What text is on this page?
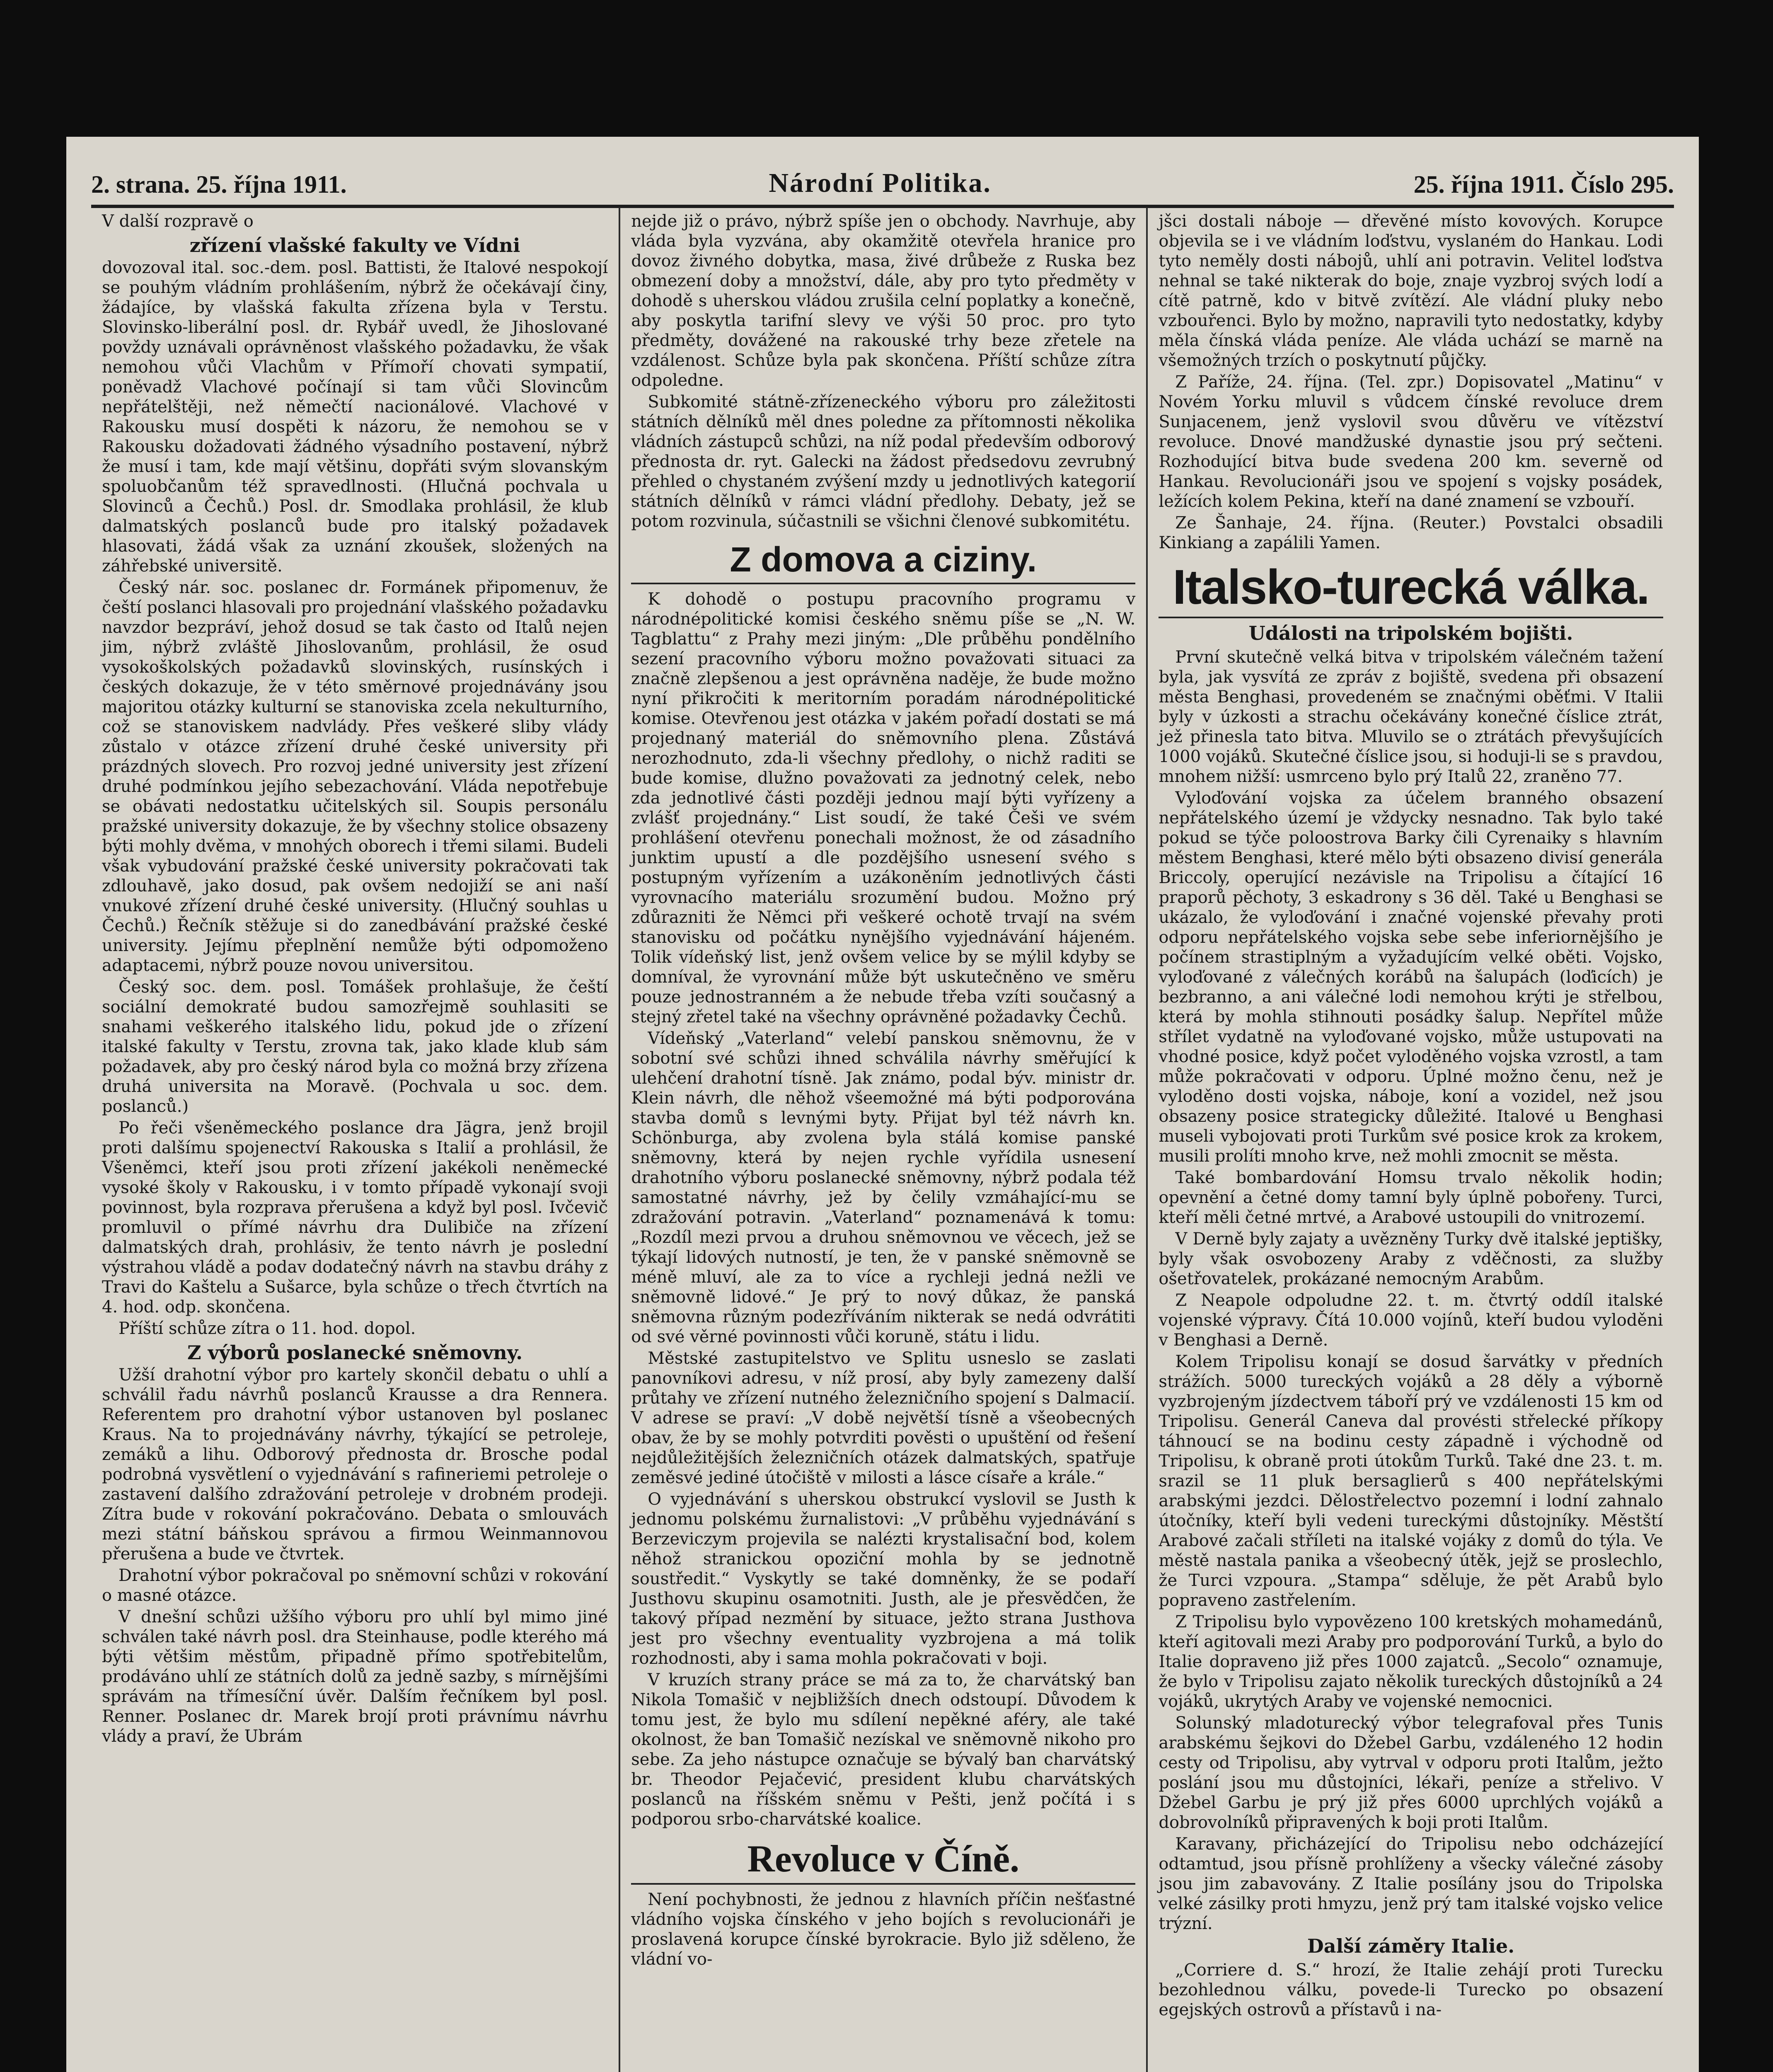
2. strana. 25. října 1911.	Národní Politika.	25. října 1911. Číslo 295.

V další rozpravě o

zřízení vlašské fakulty ve Vídni

dovozoval ital. soc.-dem. posl. Battisti, že Italové nespokojí se pouhým vládním prohlášením, nýbrž že očekávají činy, žádajíce, by vlašská fakulta zřízena byla v Terstu. Slovinsko-liberální posl. dr. Rybář uvedl, že Jihoslované povždy uznávali oprávněnost vlašského požadavku, že však nemohou vůči Vlachům v Přímoří chovati sympatií, poněvadž Vlachové počínají si tam vůči Slovincům nepřátelštěji, než němečtí nacionálové. Vlachové v Rakousku musí dospěti k názoru, že nemohou se v Rakousku dožadovati žádného výsadního postavení, nýbrž že musí i tam, kde mají většinu, dopřáti svým slovanským spoluobčanům též spravedlnosti. (Hlučná pochvala u Slovinců a Čechů.) Posl. dr. Smodlaka prohlásil, že klub dalmatských poslanců bude pro italský požadavek hlasovati, žádá však za uznání zkoušek, složených na záhřebské universitě.

Český nár. soc. poslanec dr. Formánek připomenuv, že čeští poslanci hlasovali pro projednání vlašského požadavku navzdor bezpráví, jehož dosud se tak často od Italů nejen jim, nýbrž zvláště Jihoslovanům, prohlásil, že osud vysokoškolských požadavků slovinských, rusínských i českých dokazuje, že v této směrnové projednávány jsou majoritou otázky kulturní se stanoviska zcela nekulturního, což se stanoviskem nadvlády. Přes veškeré sliby vlády zůstalo v otázce zřízení druhé české university při prázdných slovech. Pro rozvoj jedné university jest zřízení druhé podmínkou jejího sebezachování. Vláda nepotřebuje se obávati nedostatku učitelských sil. Soupis personálu pražské university dokazuje, že by všechny stolice obsazeny býti mohly dvěma, v mnohých oborech i třemi silami. Budeli však vybudování pražské české university pokračovati tak zdlouhavě, jako dosud, pak ovšem nedojiží se ani naší vnukové zřízení druhé české university. (Hlučný souhlas u Čechů.) Řečník stěžuje si do zanedbávání pražské české university. Jejímu přeplnění nemůže býti odpomoženo adaptacemi, nýbrž pouze novou universitou.

Český soc. dem. posl. Tomášek prohlašuje, že čeští sociální demokraté budou samozřejmě souhlasiti se snahami veškerého italského lidu, pokud jde o zřízení italské fakulty v Terstu, zrovna tak, jako klade klub sám požadavek, aby pro český národ byla co možná brzy zřízena druhá universita na Moravě. (Pochvala u soc. dem. poslanců.)

Po řeči všeněmeckého poslance dra Jägra, jenž brojil proti dalšímu spojenectví Rakouska s Italií a prohlásil, že Všeněmci, kteří jsou proti zřízení jakékoli neněmecké vysoké školy v Rakousku, i v tomto případě vykonají svoji povinnost, byla rozprava přerušena a když byl posl. Ivčevič promluvil o přímé návrhu dra Dulibiče na zřízení dalmatských drah, prohlásiv, že tento návrh je poslední výstrahou vládě a podav dodatečný návrh na stavbu dráhy z Travi do Kaštelu a Sušarce, byla schůze o třech čtvrtích na 4. hod. odp. skončena.

Příští schůze zítra o 11. hod. dopol.

Z výborů poslanecké sněmovny.

Užší drahotní výbor pro kartely skončil debatu o uhlí a schválil řadu návrhů poslanců Krausse a dra Rennera. Referentem pro drahotní výbor ustanoven byl poslanec Kraus. Na to projednávány návrhy, týkající se petrolejе, zemáků a lihu. Odborový přednosta dr. Brosche podal podrobná vysvětlení o vyjednávání s rafineriemi petroleje o zastavení dalšího zdražování petroleje v drobném prodeji. Zítra bude v rokování pokračováno. Debata o smlouvách mezi státní báňskou správou a firmou Weinmannovou přerušena a bude ve čtvrtek.

Drahotní výbor pokračoval po sněmovní schůzi v rokování o masné otázce.

V dnešní schůzi užšího výboru pro uhlí byl mimo jiné schválen také návrh posl. dra Steinhause, podle kterého má býti většim městům, připadně přímo spotřebitelům, prodáváno uhlí ze státních dolů za jedně sazby, s mírnějšími správám na třímesíční úvěr. Dalším řečníkem byl posl. Renner. Poslanec dr. Marek brojí proti právnímu návrhu vlády a praví, že Ubrám

nejde již o právo, nýbrž spíše jen o obchody. Navrhuje, aby vláda byla vyzvána, aby okamžitě otevřela hranice pro dovoz živného dobytka, masa, živé drůbeže z Ruska bez obmezení doby a množství, dále, aby pro tyto předměty v dohodě s uherskou vládou zrušila celní poplatky a konečně, aby poskytla tarifní slevy ve výši 50 proc. pro tyto předměty, dovážené na rakouské trhy beze zřetele na vzdálenost. Schůze byla pak skončena. Příští schůze zítra odpoledne.

Subkomité státně-zřízeneckého výboru pro záležitosti státních dělníků měl dnes poledne za přítomnosti několika vládních zástupců schůzi, na níž podal především odborový přednosta dr. ryt. Galecki na žádost předsedovu zevrubný přehled o chystaném zvýšení mzdy u jednotlivých kategorií státních dělníků v rámci vládní předlohy. Debaty, jež se potom rozvinula, súčastnili se všichni členové subkomitétu.

Z domova a ciziny.

K dohodě o postupu pracovního programu v národnépolitické komisi českého sněmu píše se „N. W. Tagblattu“ z Prahy mezi jiným: „Dle průběhu pondělního sezení pracovního výboru možno považovati situaci za značně zlepšenou a jest oprávněna naděje, že bude možno nyní přikročiti k meritorním poradám národnépolitické komise. Otevřenou jest otázka v jakém pořadí dostati se má projednaný materiál do sněmovního plena. Zůstává nerozhodnuto, zda-li všechny předlohy, o nichž raditi se bude komise, dlužno považovati za jednotný celek, nebo zda jednotlivé části později jednou mají býti vyřízeny a zvlášť projednány.“ List soudí, že také Češi ve svém prohlášení otevřenu ponechali možnost, že od zásadního junktim upustí a dle pozdějšího usnesení svého s postupným vyřízením a uzákoněním jednotlivých části vyrovnacího materiálu srozumění budou. Možno prý zdůrazniti že Němci při veškeré ochotě trvají na svém stanovisku od počátku nynějšího vyjednávání hájeném. Tolik vídeňský list, jenž ovšem velice by se mýlil kdyby se domníval, že vyrovnání může být uskutečněno ve směru pouze jednostranném a že nebude třeba vzíti současný a stejný zřetel také na všechny oprávněné požadavky Čechů.

Vídeňský „Vaterland“ velebí panskou sněmovnu, že v sobotní své schůzi ihned schválila návrhy směřující k ulehčení drahotní tísně. Jak známo, podal býv. ministr dr. Klein návrh, dle něhož všeemožné má býti podporována stavba domů s levnými byty. Přijat byl též návrh kn. Schönburga, aby zvolena byla stálá komise panské sněmovny, která by nejen rychle vyřídila usnesení drahotního výboru poslanecké sněmovny, nýbrž podala též samostatné návrhy, jež by čelily vzmáhající-mu se zdražování potravin. „Vaterland“ poznamenává k tomu: „Rozdíl mezi prvou a druhou sněmovnou ve věcech, jež se týkají lidových nutností, je ten, že v panské sněmovně se méně mluví, ale za to více a rychleji jedná nežli ve sněmovně lidové.“ Je prý to nový důkaz, že panská sněmovna různým podezříváním nikterak se nedá odvrátiti od své věrné povinnosti vůči koruně, státu i lidu.

Městské zastupitelstvo ve Splitu usneslo se zaslati panovníkovi adresu, v níž prosí, aby byly zamezeny další průtahy ve zřízení nutného železničního spojení s Dalmacií. V adrese se praví: „V době největší tísně a všeobecných obav, že by se mohly potvrditi pověsti o upuštění od řešení nejdůležitějších železničních otázek dalmatských, spatřuje zeměsvé jediné útočiště v milosti a lásce císaře a krále.“

O vyjednávání s uherskou obstrukcí vyslovil se Justh k jednomu polskému žurnalistovi: „V průběhu vyjednávání s Berzeviczym projevila se nalézti krystalisační bod, kolem něhož stranickou opoziční mohla by se jednotně soustředit.“ Vyskytly se také domněnky, že se podaří Justhovu skupinu osamotniti. Justh, ale je přesvědčen, že takový případ nezmění by situace, ježto strana Justhova jest pro všechny eventuality vyzbrojena a má tolik rozhodnosti, aby i sama mohla pokračovati v boji.

V kruzích strany práce se má za to, že charvátský ban Nikola Tomašič v nejbližších dnech odstoupí. Důvodem k tomu jest, že bylo mu sdílení nepěkné aféry, ale také okolnost, že ban Tomašič nezískal ve sněmovně nikoho pro sebe. Za jeho nástupce označuje se bývalý ban charvátský br. Theodor Pejačević, president klubu charvátských poslanců na říšském sněmu v Pešti, jenž počítá i s podporou srbo-charvátské koalice.

Revoluce v Číně.

Není pochybnosti, že jednou z hlavních příčin nešťastné vládního vojska čínského v jeho bojích s revolucionáři je proslavená korupce čínské byrokracie. Bylo již sděleno, že vládní vo-

jšci dostali náboje — dřevěné místo kovových. Korupce objevila se i ve vládním loďstvu, vyslaném do Hankau. Lodi tyto neměly dosti nábojů, uhlí ani potravin. Velitel loďstva nehnal se také nikterak do boje, znaje vyzbroj svých lodí a cítě patrně, kdo v bitvě zvítězí. Ale vládní pluky nebo vzbouřenci. Bylo by možno, napravili tyto nedostatky, kdyby měla čínská vláda peníze. Ale vláda uchází se marně na všemožných trzích o poskytnutí půjčky.

Z Paříže, 24. října. (Tel. zpr.) Dopisovatel „Matinu“ v Novém Yorku mluvil s vůdcem čínské revoluce drem Sunjacenem, jenž vyslovil svou důvěru ve vítězství revoluce. Dnové mandžuské dynastie jsou prý sečteni. Rozhodující bitva bude svedena 200 km. severně od Hankau. Revolucionáři jsou ve spojení s vojsky posádek, ležících kolem Pekina, kteří na dané znamení se vzbouří.

Ze Šanhaje, 24. října. (Reuter.) Povstalci obsadili Kinkiang a zapálili Yamen.

Italsko-turecká válka.
Události na tripolském bojišti.

První skutečně velká bitva v tripolském válečném tažení byla, jak vysvítá ze zpráv z bojiště, svedena při obsazení města Benghasi, provedeném se značnými oběťmi. V Italii byly v úzkosti a strachu očekávány konečné číslice ztrát, jež přinesla tato bitva. Mluvilo se o ztrátách převyšujících 1000 vojáků. Skutečné číslice jsou, si hoduji-li se s pravdou, mnohem nižší: usmrceno bylo prý Italů 22, zraněno 77.

Vyloďování vojska za účelem branného obsazení nepřátelského území je vždycky nesnadno. Tak bylo také pokud se týče poloostrova Barky čili Cyrenaiky s hlavním městem Benghasi, které mělo býti obsazeno divisí generála Briccoly, operující nezávisle na Tripolisu a čítající 16 praporů pěchoty, 3 eskadrony s 36 děl. Také u Benghasi se ukázalo, že vyloďování i značné vojenské převahy proti odporu nepřátelského vojska sebe sebe inferiornějšího je počínem strastiplným a vyžadujícím velké oběti. Vojsko, vyloďované z válečných korábů na šalupách (loďicích) je bezbranno, a ani válečné lodi nemohou krýti je střelbou, která by mohla stihnouti posádky šalup. Nepřítel může střílet vydatně na vyloďované vojsko, může ustupovati na vhodné posice, když počet vyloděného vojska vzrostl, a tam může pokračovati v odporu. Úplné možno čenu, než je vyloděno dosti vojska, náboje, koní a vozidel, než jsou obsazeny posice strategicky důležité. Italové u Benghasi museli vybojovati proti Turkům své posice krok za krokem, musili prolíti mnoho krve, než mohli zmocnit se města.

Také bombardování Homsu trvalo několik hodin; opevnění a četné domy tamní byly úplně pobořeny. Turci, kteří měli četné mrtvé, a Arabové ustoupili do vnitrozemí.

V Derně byly zajaty a uvězněny Turky dvě italské jeptišky, byly však osvobozeny Araby z vděčnosti, za služby ošetřovatelek, prokázané nemocným Arabům.

Z Neapole odpoludne 22. t. m. čtvrtý oddíl italské vojenské výpravy. Čítá 10.000 vojínů, kteří budou vyloděni v Benghasi a Derně.

Kolem Tripolisu konají se dosud šarvátky v předních strážích. 5000 tureckých vojáků a 28 děly a výborně vyzbrojeným jízdectvem táboří prý ve vzdálenosti 15 km od Tripolisu. Generál Caneva dal provésti střelecké příkopy táhnoucí se na bodinu cesty západně i východně od Tripolisu, k obraně proti útokům Turků. Také dne 23. t. m. srazil se 11 pluk bersaglierů s 400 nepřátelskými arabskými jezdci. Dělostřelectvo pozemní i lodní zahnalo útočníky, kteří byli vedeni tureckými důstojníky. Městští Arabové začali stříleti na italské vojáky z domů do týla. Ve městě nastala panika a všeobecný útěk, jejž se proslechlo, že Turci vzpoura. „Stampa“ sděluje, že pět Arabů bylo popraveno zastřelením.

Z Tripolisu bylo vypovězeno 100 kretských mohamedánů, kteří agitovali mezi Araby pro podporování Turků, a bylo do Italie dopraveno již přes 1000 zajatců. „Secolo“ oznamuje, že bylo v Tripolisu zajato několik tureckých důstojníků a 24 vojáků, ukrytých Araby ve vojenské nemocnici.

Solunský mladoturecký výbor telegrafoval přes Tunis arabskému šejkovi do Džebel Garbu, vzdáleného 12 hodin cesty od Tripolisu, aby vytrval v odporu proti Italům, ježto poslání jsou mu důstojníci, lékaři, peníze a střelivo. V Džebel Garbu je prý již přes 6000 uprchlých vojáků a dobrovolníků připravených k boji proti Italům.

Karavany, přicházející do Tripolisu nebo odcházející odtamtud, jsou přísně prohlíženy a všecky válečné zásoby jsou jim zabavovány. Z Italie posílány jsou do Tripolska velké zásilky proti hmyzu, jenž prý tam italské vojsko velice trýzní.

Další záměry Italie.

„Corriere d. S.“ hrozí, že Italie zehájí proti Turecku bezohlednou válku, povede-li Turecko po obsazení egejských ostrovů a přístavů i na-
